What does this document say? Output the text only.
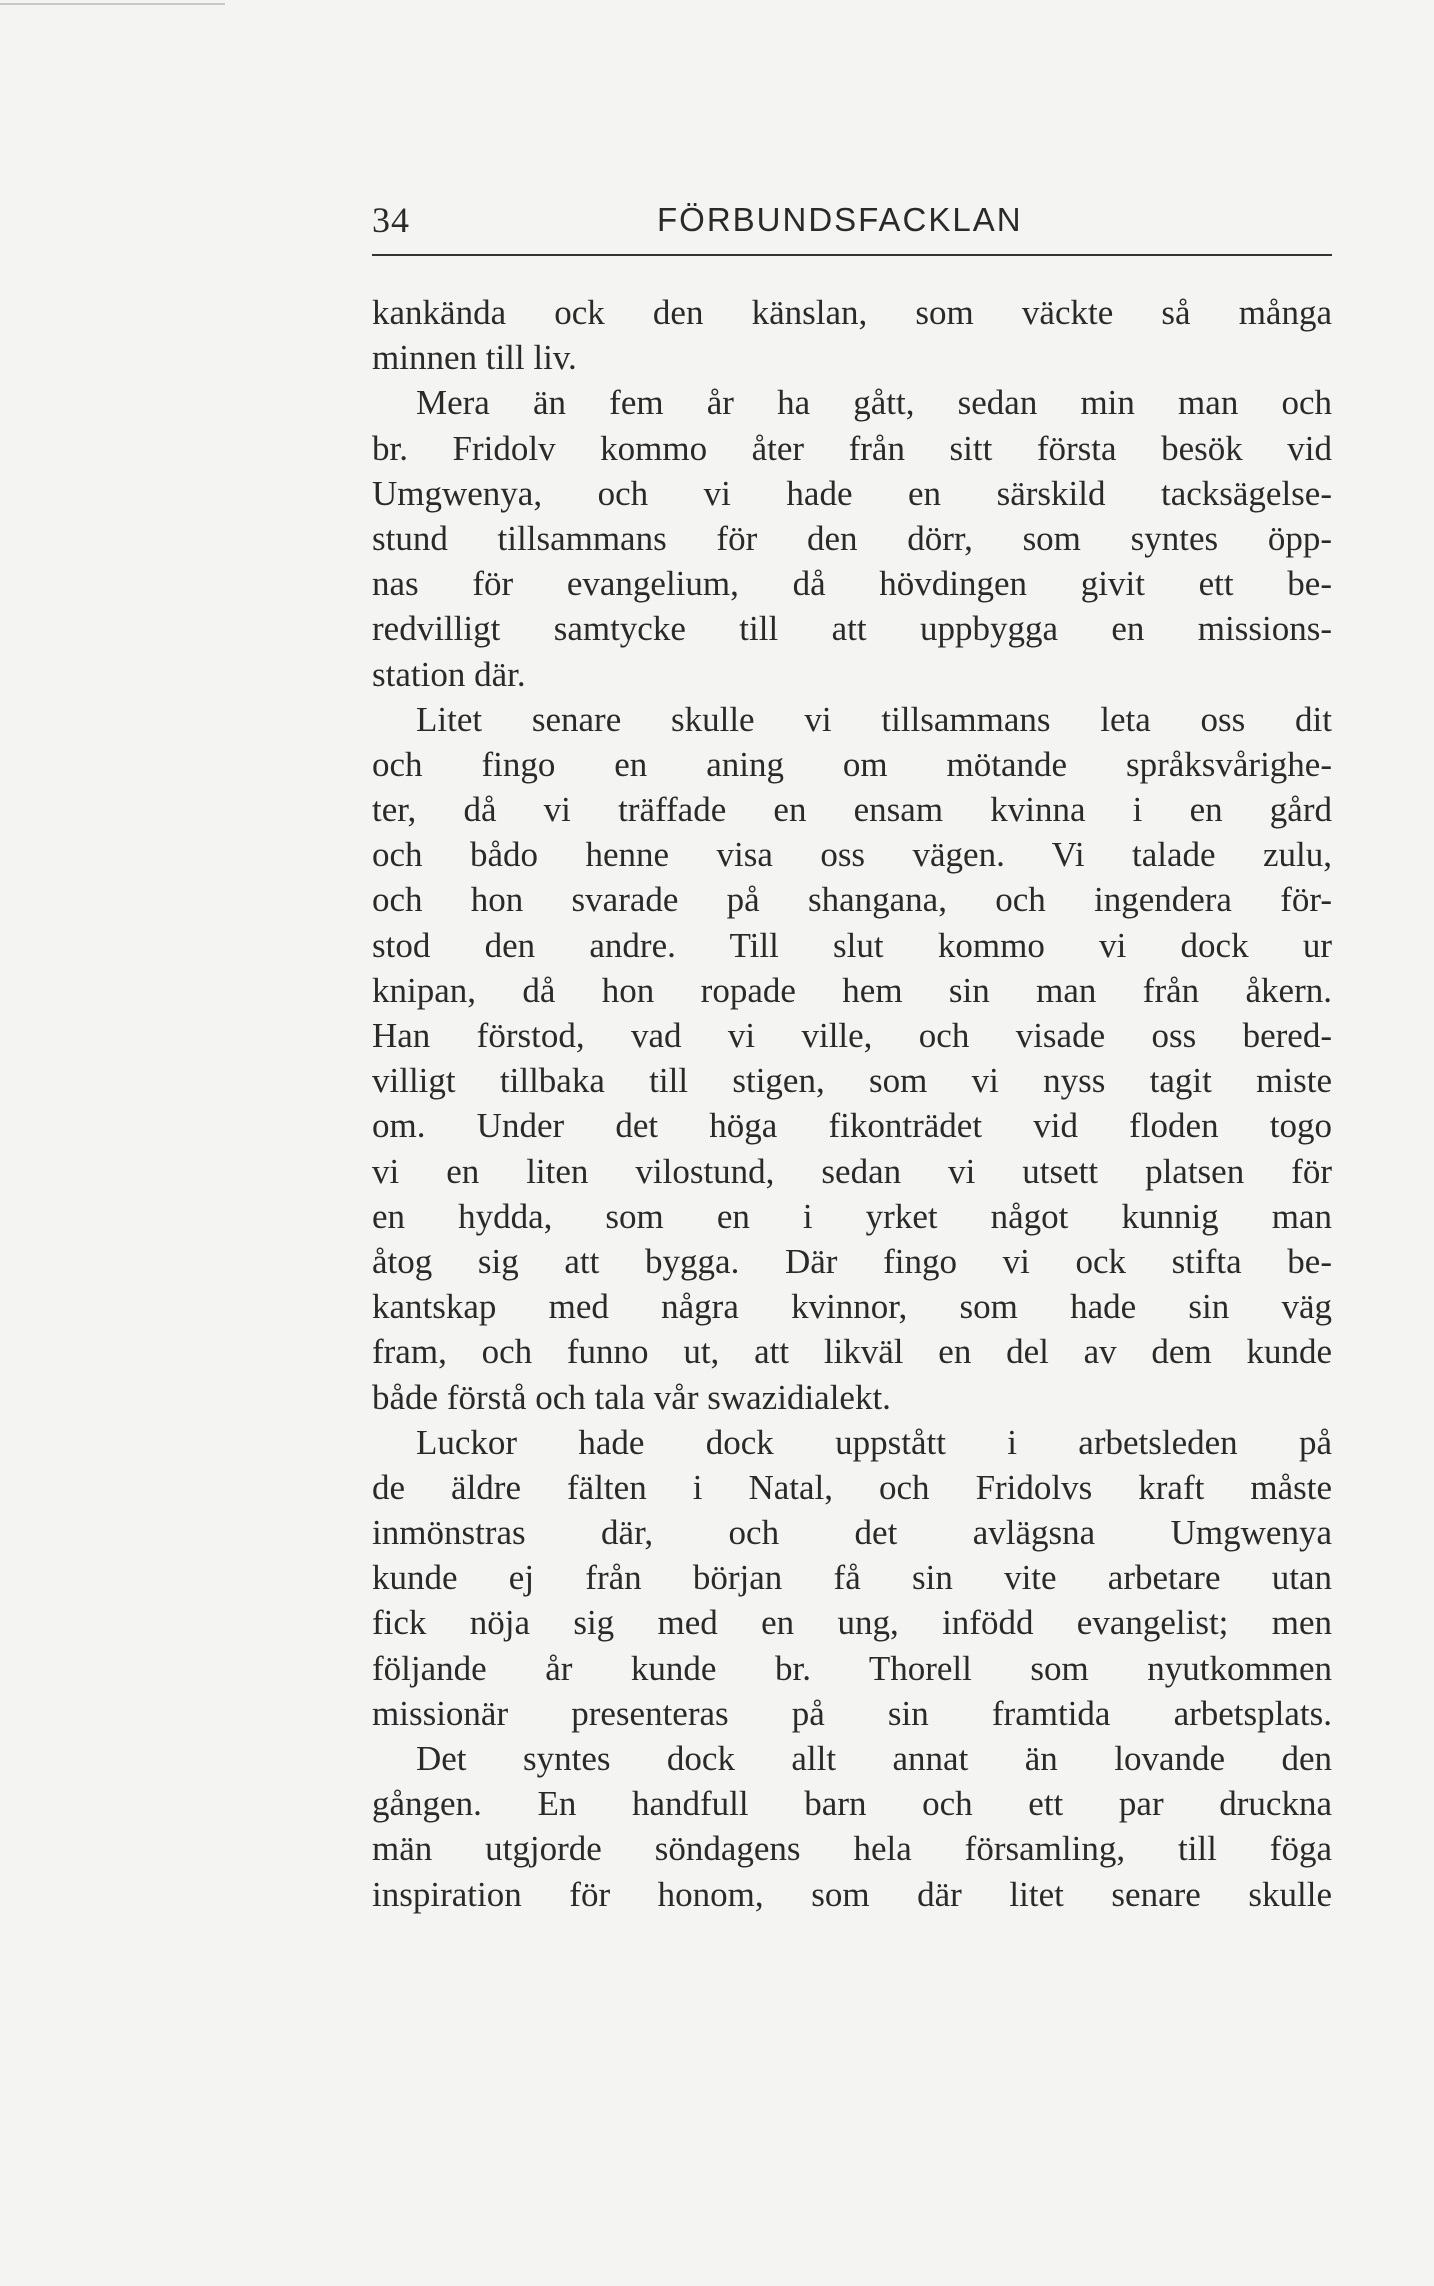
34	FÖRBUNDSFACKLAN
kankända ock den känslan, som väckte så många
minnen till liv.
Mera än fem år ha gått, sedan min man och
br. Fridolv kommo åter från sitt första besök vid
Umgwenya, och vi hade en särskild tacksägelse-
stund tillsammans för den dörr, som syntes öpp-
nas för evangelium, då hövdingen givit ett be-
redvilligt samtycke till att uppbygga en missions-
station där.
Litet senare skulle vi tillsammans leta oss dit
och fingo en aning om mötande språksvårighe-
ter, då vi träffade en ensam kvinna i en gård
och bådo henne visa oss vägen. Vi talade zulu,
och hon svarade på shangana, och ingendera för-
stod den andre. Till slut kommo vi dock ur
knipan, då hon ropade hem sin man från åkern.
Han förstod, vad vi ville, och visade oss bered-
villigt tillbaka till stigen, som vi nyss tagit miste
om. Under det höga fikonträdet vid floden togo
vi en liten vilostund, sedan vi utsett platsen för
en hydda, som en i yrket något kunnig man
åtog sig att bygga. Där fingo vi ock stifta be-
kantskap med några kvinnor, som hade sin väg
fram, och funno ut, att likväl en del av dem kunde
både förstå och tala vår swazidialekt.
Luckor hade dock uppstått i arbetsleden på
de äldre fälten i Natal, och Fridolvs kraft måste
inmönstras där, och det avlägsna Umgwenya
kunde ej från början få sin vite arbetare utan
fick nöja sig med en ung, infödd evangelist; men
följande år kunde br. Thorell som nyutkommen
missionär presenteras på sin framtida arbetsplats.
Det syntes dock allt annat än lovande den
gången. En handfull barn och ett par druckna
män utgjorde söndagens hela församling, till föga
inspiration för honom, som där litet senare skulle
